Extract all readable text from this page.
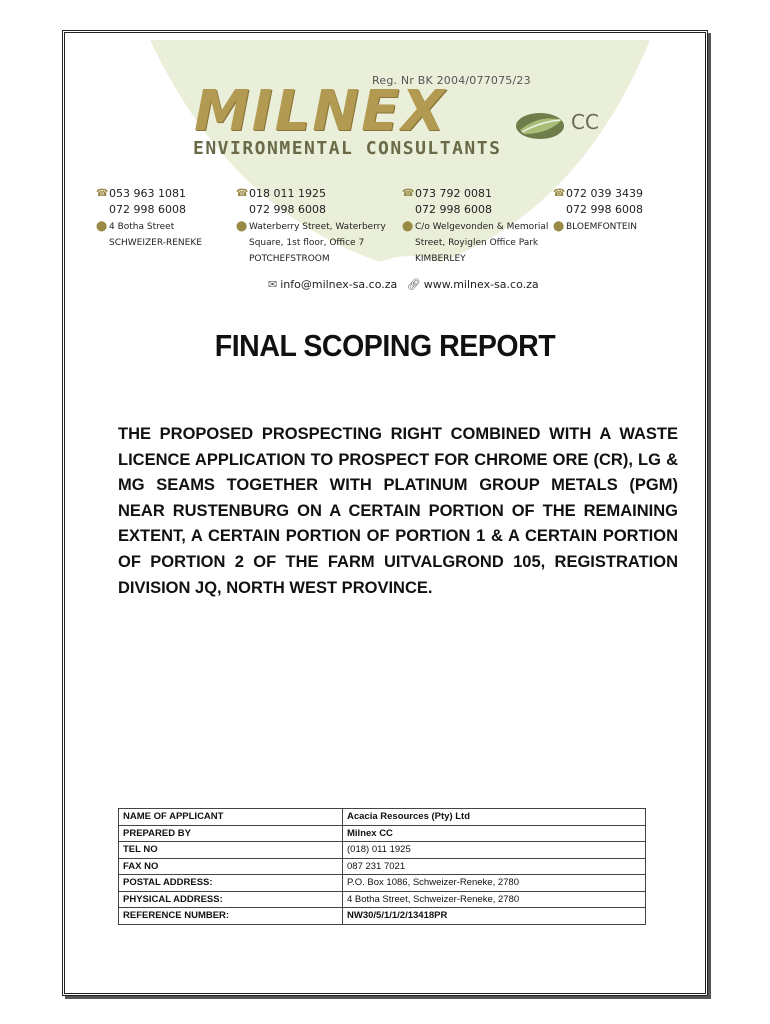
Reg. Nr BK 2004/077075/23
MILNEX	CC
ENVIRONMENTAL CONSULTANTS
☎ 053 963 1081
072 998 6008
⬤ 4 Botha Street
SCHWEIZER-RENEKE
☎ 018 011 1925
072 998 6008
⬤ Waterberry Street, Waterberry
Square, 1st floor, Office 7
POTCHEFSTROOM
☎ 073 792 0081
072 998 6008
⬤ C/o Welgevonden & Memorial
Street, Royiglen Office Park
KIMBERLEY
☎ 072 039 3439
072 998 6008
⬤ BLOEMFONTEIN
✉ info@milnex-sa.co.za 🔗︎ www.milnex-sa.co.za
FINAL SCOPING REPORT
THE PROPOSED PROSPECTING RIGHT COMBINED WITH A WASTE LICENCE APPLICATION TO PROSPECT FOR CHROME ORE (CR), LG & MG SEAMS TOGETHER WITH PLATINUM GROUP METALS (PGM) NEAR RUSTENBURG ON A CERTAIN PORTION OF THE REMAINING EXTENT, A CERTAIN PORTION OF PORTION 1 & A CERTAIN PORTION OF PORTION 2 OF THE FARM UITVALGROND 105, REGISTRATION DIVISION JQ, NORTH WEST PROVINCE.
NAME OF APPLICANT	Acacia Resources (Pty) Ltd
PREPARED BY	Milnex CC
TEL NO	(018) 011 1925
FAX NO	087 231 7021
POSTAL ADDRESS:	P.O. Box 1086, Schweizer-Reneke, 2780
PHYSICAL ADDRESS:	4 Botha Street, Schweizer-Reneke, 2780
REFERENCE NUMBER:	NW30/5/1/1/2/13418PR
